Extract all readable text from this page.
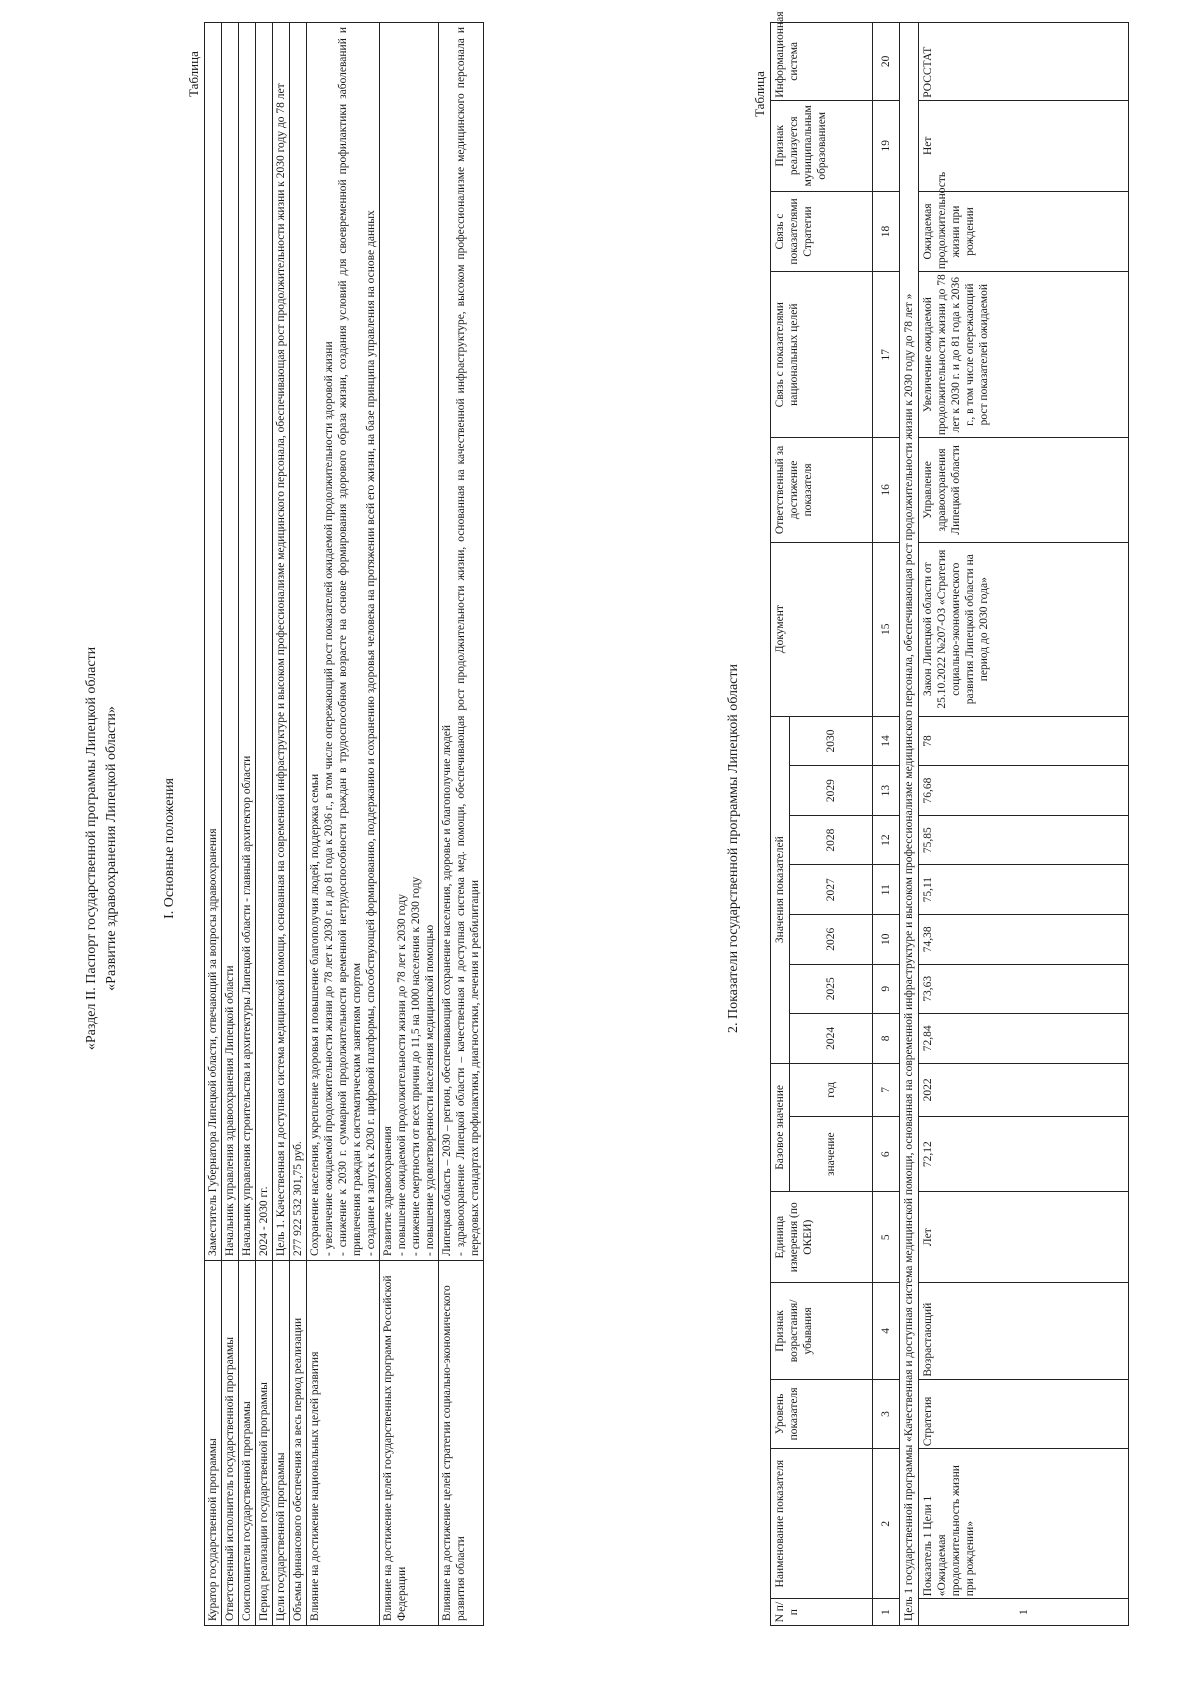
«Раздел II. Паспорт государственной программы Липецкой области «Развитие здравоохранения Липецкой области»	I. Основные положения
Таблица
Куратор государственной программы	Заместитель Губернатора Липецкой области, отвечающий за вопросы здравоохранения
Ответственный исполнитель государственной программы	Начальник управления здравоохранения Липецкой области
Соисполнители государственной программы	Начальник управления строительства и архитектуры Липецкой области - главный архитектор области
Период реализации государственной программы	2024 - 2030 гг.
Цели государственной программы	Цель 1. Качественная и доступная система медицинской помощи, основанная на современной инфраструктуре и высоком профессионализме медицинского персонала, обеспечивающая рост продолжительности жизни к 2030 году до 78 лет
Объемы финансового обеспечения за весь период реализации	277 922 532 301,75 руб.
Влияние на достижение национальных целей развития	Сохранение населения, укрепление здоровья и повышение благополучия людей, поддержка семьи
- увеличение ожидаемой продолжительности жизни до 78 лет к 2030 г. и до 81 года к 2036 г., в том числе опережающий рост показателей ожидаемой продолжительности здоровой жизни
- снижение к 2030 г. суммарной продолжительности временной нетрудоспособности граждан в трудоспособном возрасте на основе формирования здорового образа жизни, создания условий для своевременной профилактики заболеваний и привлечения граждан к систематическим занятиям спортом
- создание и запуск к 2030 г. цифровой платформы, способствующей формированию, поддержанию и сохранению здоровья человека на протяжении всей его жизни, на базе принципа управления на основе данных
Влияние на достижение целей государственных программ Российской Федерации	Развитие здравоохранения
- повышение ожидаемой продолжительности жизни до 78 лет к 2030 году
- снижение смертности от всех причин до 11,5 на 1000 населения к 2030 году
- повышение удовлетворенности населения медицинской помощью
Влияние на достижение целей стратегии социально-экономического развития области	Липецкая область – 2030 – регион, обеспечивающий сохранение населения, здоровье и благополучие людей
- здравоохранение Липецкой области – качественная и доступная система мед. помощи, обеспечивающая рост продолжительности жизни, основанная на качественной инфраструктуре, высоком профессионализме медицинского персонала и передовых стандартах профилактики, диагностики, лечения и реабилитации	2. Показатели государственной программы Липецкой области
Таблица
N п/п	Наименование показателя	Уровень показателя	Признак возрастания/ убывания	Единица измерения (по ОКЕИ)	Базовое значение		Значения показателей							Документ	Ответственный за достижение показателя	Связь с показателями национальных целей	Связь с показателями Стратегии	Признак реализуется муниципальным образованием	Информационная система
					значение	год	2024	2025	2026	2027	2028	2029	2030						
1	2	3	4	5	6	7	8	9	10	11	12	13	14	15	16	17	18	19	20
Цель 1 государственной программы «Качественная и доступная система медицинской помощи, основанная на современной инфраструктуре и высоком профессионализме медицинского персонала, обеспечивающая рост продолжительности жизни к 2030 году до 78 лет »																			
1	Показатель 1 Цели 1 «Ожидаемая продолжительность жизни при рождении»	Стратегия	Возрастающий	Лет	72,12	2022	72,84	73,63	74,38	75,11	75,85	76,68	78	Закон Липецкой области от 25.10.2022 №207-ОЗ «Стратегия социально-экономического развития Липецкой области на период до 2030 года»	Управление здравоохранения Липецкой области	Увеличение ожидаемой продолжительности жизни до 78 лет к 2030 г. и до 81 года к 2036 г., в том числе опережающий рост показателей ожидаемой	Ожидаемая продолжительность жизни при рождении	Нет	РОССТАТ
